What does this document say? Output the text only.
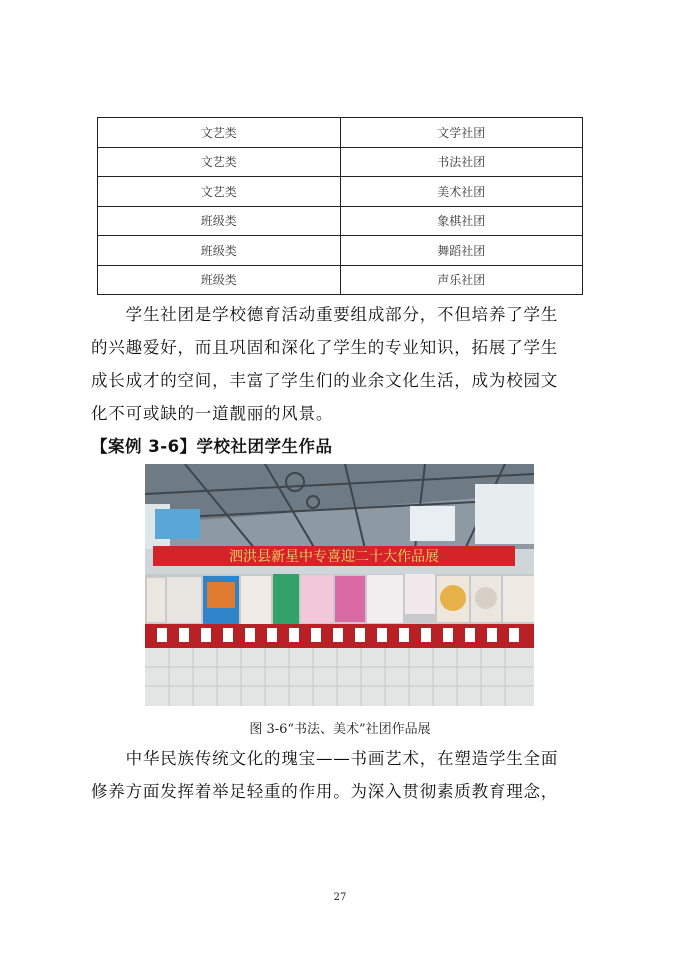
文艺类	文学社团
文艺类	书法社团
文艺类	美术社团
班级类	象棋社团
班级类	舞蹈社团
班级类	声乐社团

学生社团是学校德育活动重要组成部分，不但培养了学生

的兴趣爱好，而且巩固和深化了学生的专业知识，拓展了学生

成长成才的空间，丰富了学生们的业余文化生活，成为校园文

化不可或缺的一道靓丽的风景。

【案例 3-6】学校社团学生作品
泗洪县新星中专喜迎二十大作品展
图 3-6“书法、美术”社团作品展

中华民族传统文化的瑰宝——书画艺术，在塑造学生全面

修养方面发挥着举足轻重的作用。为深入贯彻素质教育理念，

27
